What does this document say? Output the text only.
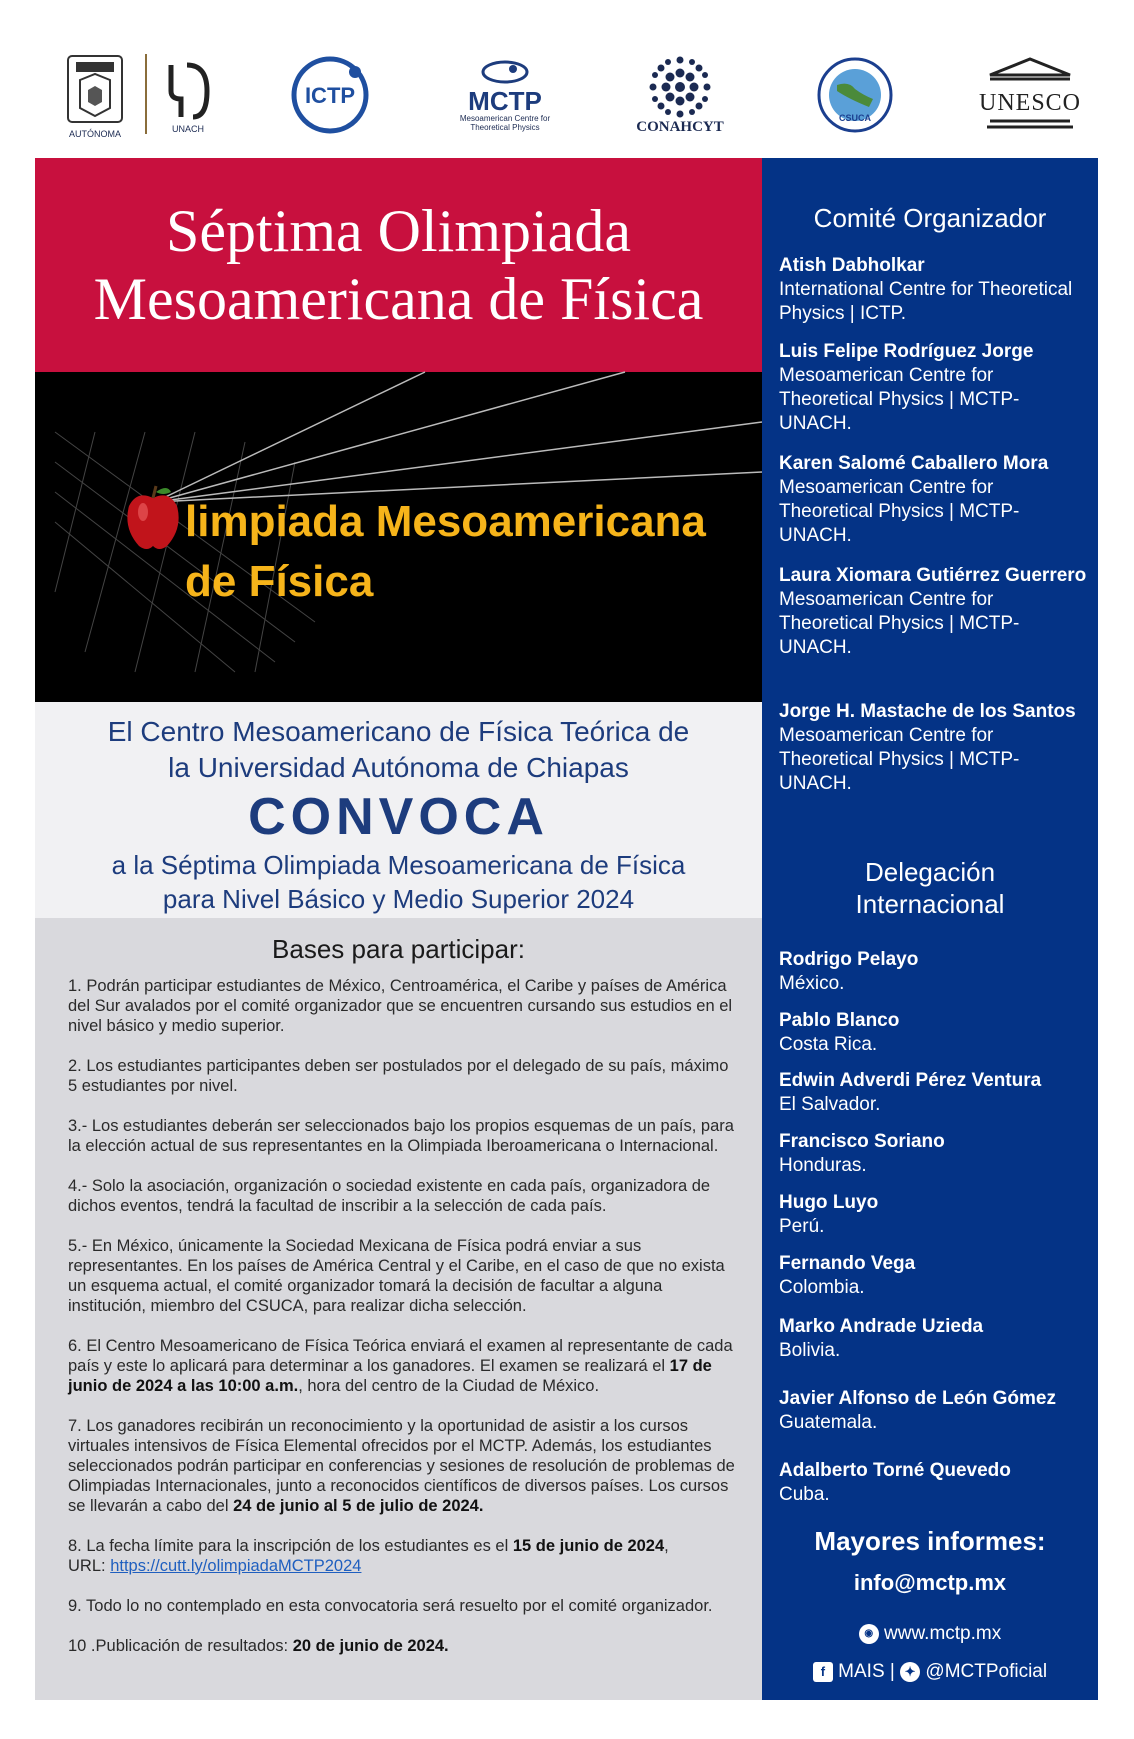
AUTÓNOMA	UNACH
ICTP	MCTP
Mesoamerican Centre for Theoretical Physics	CONAHCYT
CSUCA
UNESCO
Séptima Olimpiada
Mesoamericana de Física
limpiada Mesoamericana
de Física
El Centro Mesoamericano de Física Teórica de
la Universidad Autónoma de Chiapas
CONVOCA
a la Séptima Olimpiada Mesoamericana de Física
para Nivel Básico y Medio Superior 2024
Bases para participar:

1. Podrán participar estudiantes de México, Centroamérica, el Caribe y países de América del Sur avalados por el comité organizador que se encuentren cursando sus estudios en el nivel básico y medio superior.

2. Los estudiantes participantes deben ser postulados por el delegado de su país, máximo 5 estudiantes por nivel.

3.- Los estudiantes deberán ser seleccionados bajo los propios esquemas de un país, para la elección actual de sus representantes en la Olimpiada Iberoamericana o Internacional.

4.- Solo la asociación, organización o sociedad existente en cada país, organizadora de dichos eventos, tendrá la facultad de inscribir a la selección de cada país.

5.- En México, únicamente la Sociedad Mexicana de Física podrá enviar a sus representantes. En los países de América Central y el Caribe, en el caso de que no exista un esquema actual, el comité organizador tomará la decisión de facultar a alguna institución, miembro del CSUCA, para realizar dicha selección.

6. El Centro Mesoamericano de Física Teórica enviará el examen al representante de cada país y este lo aplicará para determinar a los ganadores. El examen se realizará el 17 de junio de 2024 a las 10:00 a.m., hora del centro de la Ciudad de México.

7. Los ganadores recibirán un reconocimiento y la oportunidad de asistir a los cursos virtuales intensivos de Física Elemental ofrecidos por el MCTP. Además, los estudiantes seleccionados podrán participar en conferencias y sesiones de resolución de problemas de Olimpiadas Internacionales, junto a reconocidos científicos de diversos países. Los cursos se llevarán a cabo del 24 de junio al 5 de julio de 2024.

8. La fecha límite para la inscripción de los estudiantes es el 15 de junio de 2024,
URL: https://cutt.ly/olimpiadaMCTP2024

9. Todo lo no contemplado en esta convocatoria será resuelto por el comité organizador.

10 .Publicación de resultados: 20 de junio de 2024.

Comité Organizador
Atish Dabholkar
International Centre for Theoretical Physics | ICTP.
Luis Felipe Rodríguez Jorge
Mesoamerican Centre for Theoretical Physics | MCTP-UNACH.
Karen Salomé Caballero Mora
Mesoamerican Centre for Theoretical Physics | MCTP-UNACH.
Laura Xiomara Gutiérrez Guerrero
Mesoamerican Centre for Theoretical Physics | MCTP-UNACH.
Jorge H. Mastache de los Santos
Mesoamerican Centre for Theoretical Physics | MCTP-UNACH.
Delegación
Internacional
Rodrigo Pelayo
México.
Pablo Blanco
Costa Rica.
Edwin Adverdi Pérez Ventura
El Salvador.
Francisco Soriano
Honduras.
Hugo Luyo
Perú.
Fernando Vega
Colombia.
Marko Andrade Uzieda
Bolivia.
Javier Alfonso de León Gómez
Guatemala.
Adalberto Torné Quevedo
Cuba.
Mayores informes:
info@mctp.mx
◉ www.mctp.mx
f MAIS | ✦ @MCTPoficial
